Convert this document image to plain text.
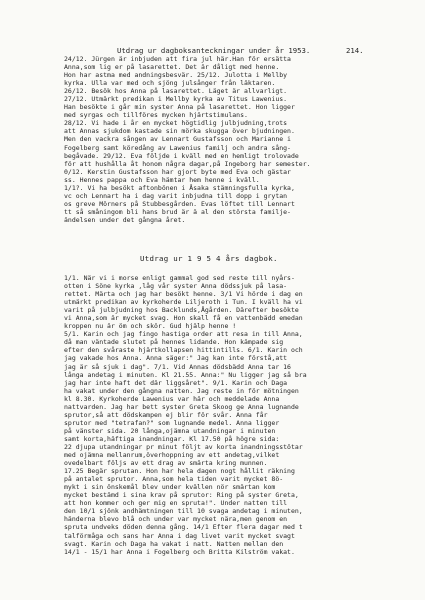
Utdrag ur dagboksanteckningar under år 1953.	214.
24/12. Jürgen är inbjuden att fira jul här.Han för ersätta
Anna,som lig er på lasarettet. Det är dåligt med henne.
Hon har astma med andningsbesvär. 25/12. Julotta i Mellby
kyrka. Ulla var med och sjöng julsånger från läktaren.
26/12. Besök hos Anna på lasarettet. Läget är allvarligt.
27/12. Utmärkt predikan i Mellby kyrka av Titus Lawenius.
Han besökte i går min syster Anna på lasarettet. Hon ligger
med syrgas och tillföres mycken hjärtstimulans.
28/12. Vi hade i år en mycket högtidlig julbjudning,trots
att Annas sjukdom kastade sin mörka skugga över bjudningen.
Men den vackra sången av Lennart Gustafsson och Marianne i
Fogelberg samt köredång av Lawenius familj och andra sång-
begåvade. 29/12. Eva följde i kväll med en hemligt trolovade
för att hushålla åt honom några dagar,på Ingeborg har semester.
0/12. Kerstin Gustafsson har gjort byte med Eva och gästar
ss. Hennes pappa och Eva hämtar hem henne i kväll.
1/1?. Vi ha besökt aftonbönen i Åsaka stämningsfulla kyrka,
vc och Lennart ha i dag varit inbjudna till dopp i grytan
os greve Mörners på Stubbesgården. Evas löftet till Lennart
tt så småningom bli hans brud är ä al den största familje-
ändelsen under det gångna året.
Utdrag ur 1 9 5 4 års dagbok.
1/1. När vi i morse enligt gammal god sed reste till nyårs-
otten i Söne kyrka ,låg vår syster Anna dödssjuk på lasa-
rettet. Märta och jag har besökt henne. 3/1 Vi hörde i dag en
utmärkt predikan av kyrkoherde Liljeroth i Tun. I kväll ha vi
varit på julbjudning hos Backlunds,Ågården. Därefter besökte
vi Anna,som är mycket svag. Hon skall få en vattenbädd emedan
kroppen nu är öm och skör. Gud hjälp henne !
5/1. Karin och jag fingo hastiga order att resa in till Anna,
då man väntade slutet på hennes lidande. Hon kämpade sig
efter den svåraste hjärtkollapsen hittintills. 6/1. Karin och
jag vakade hos Anna. Anna säger:" Jag kan inte förstå,att
jag är så sjuk i dag". 7/1. Vid Annas dödsbädd Anna tar 16
långa andetag i minuten. Kl 21.55. Anna:" Nu ligger jag så bra
jag har inte haft det där liggsåret". 9/1. Karin och Daga
ha vakat under den gångna natten. Jag reste in för mötningen
kl 8.30. Kyrkoherde Lawenius var här och meddelade Anna
nattvarden. Jag har bett syster Greta Skoog ge Anna lugnande
sprutor,så att dödskampen ej blir för svår. Anna får
sprutor med "tetrafan?" som lugnande medel. Anna ligger
på vänster sida. 20 långa,ojämna utandningar i minuten
samt korta,häftiga inandningar. Kl 17.50 på högre sida:
22 djupa utandningar pr minut följt av korta inandningsstötar
med ojämna mellanrum,överhoppning av ett andetag,vilket
ovedelbart följs av ett drag av smärta kring munnen.
17.25 Begär sprutan. Hon har hela dagen nogt hållit räkning
på antalet sprutor. Anna,som hela tiden varit mycket 8ö-
mykt i sin önskemål blev under kvällen nör smärtan kom
mycket bestämd i sina krav på sprutor: Ring på syster Greta,
att hon kommer och ger mig en spruta!". Under natten till
den 10/1 sjönk andhämtningen till 10 svaga andetag i minuten,
händerna blevo blå och under var mycket nära,men genom en
spruta undveks döden denna gång. 14/1 Efter flera dagar med t
talförmåga och sans har Anna i dag livet varit mycket svagt
svagt. Karin och Daga ha vakat i natt. Natten mellan den
14/1 - 15/1 har Anna i Fogelberg och Britta Kilström vakat.
